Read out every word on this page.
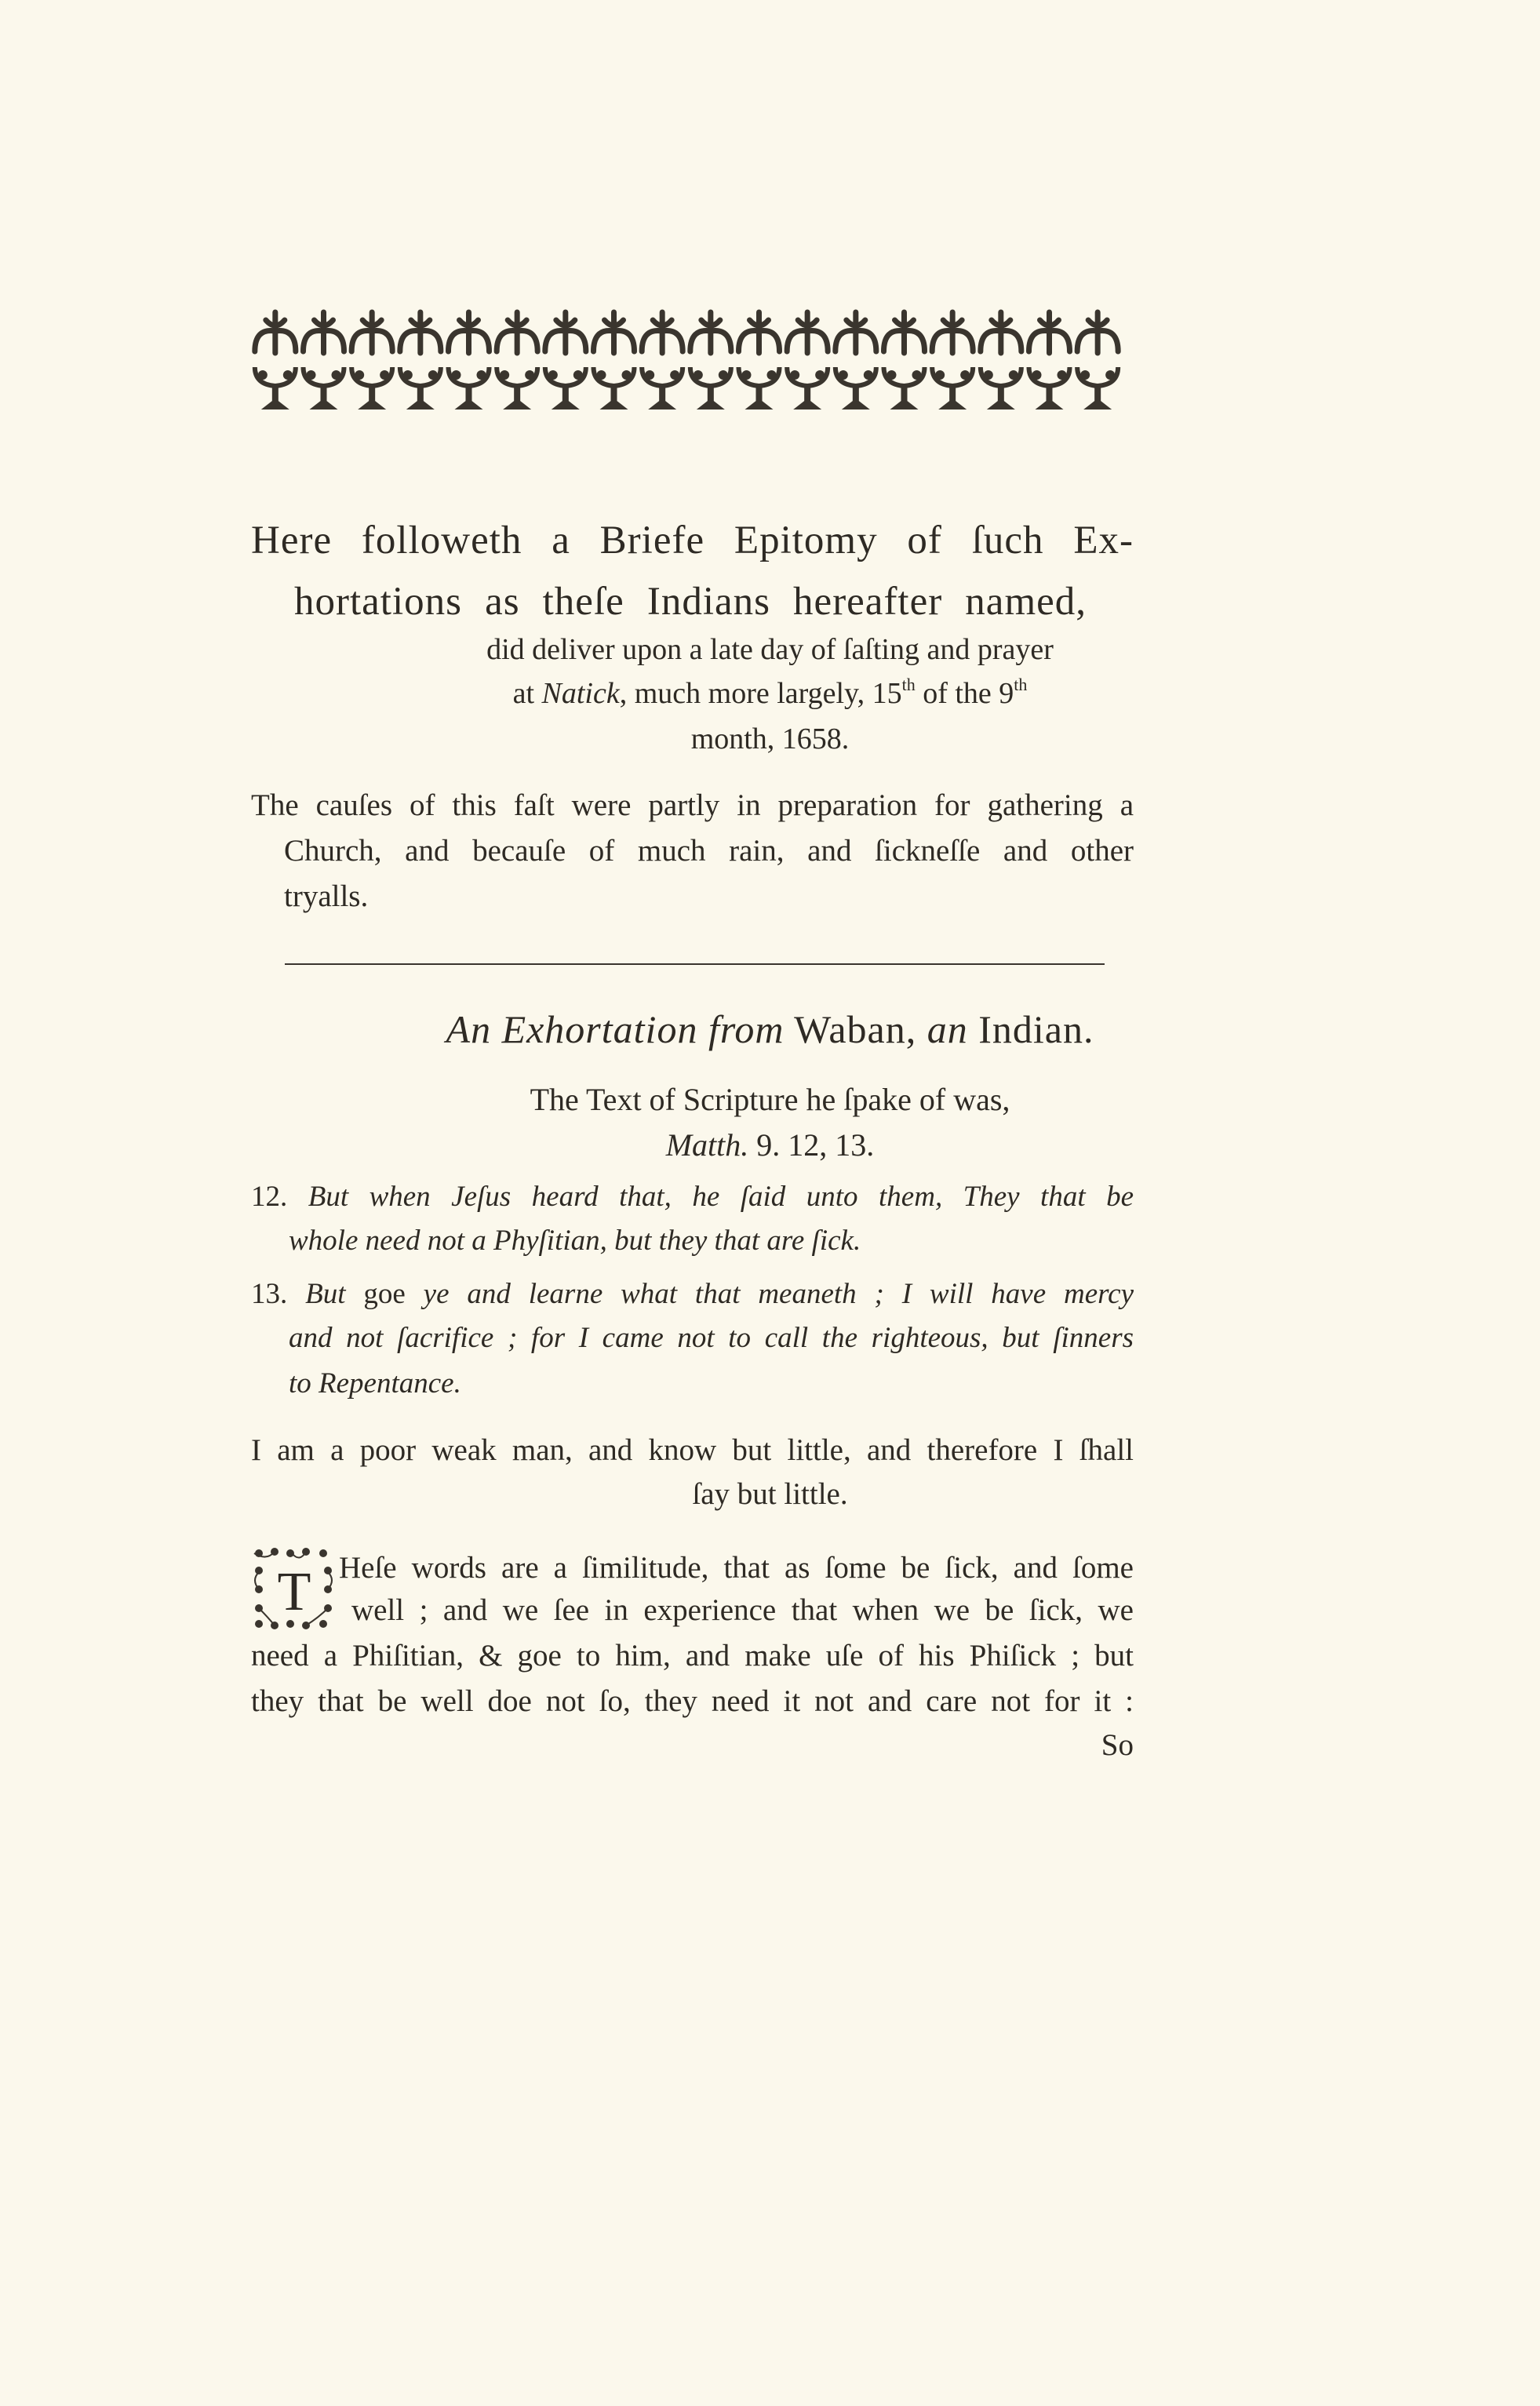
Here followeth a Briefe Epitomy of ſuch Ex-
hortations as theſe Indians hereafter named,
did deliver upon a late day of ſaſting and prayer
at Natick, much more largely, 15th of the 9th
month, 1658.
The cauſes of this faſt were partly in preparation for gathering a
Church, and becauſe of much rain, and ſickneſſe and other
tryalls.
An Exhortation from Waban, an Indian.
The Text of Scripture he ſpake of was,
Matth. 9. 12, 13.
12. But when Jeſus heard that, he ſaid unto them, They that be
whole need not a Phyſitian, but they that are ſick.
13. But goe ye and learne what that meaneth ; I will have mercy
and not ſacrifice ; for I came not to call the righteous, but ſinners
to Repentance.
I am a poor weak man, and know but little, and therefore I ſhall
ſay but little.
T Heſe words are a ſimilitude, that as ſome be ſick, and ſome
well ; and we ſee in experience that when we be ſick, we
need a Phiſitian, & goe to him, and make uſe of his Phiſick ; but
they that be well doe not ſo, they need it not and care not for it :
So
